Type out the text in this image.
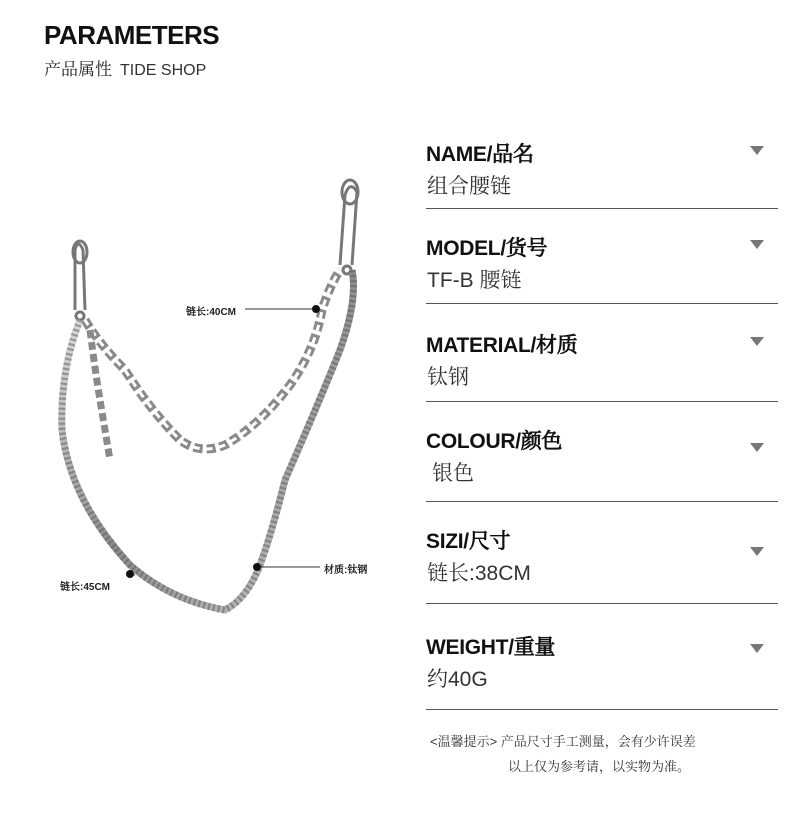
PARAMETERS
产品属性 TIDE SHOP
链长:40CM
链长:45CM
材质:钛钢
NAME/品名
组合腰链
MODEL/货号
TF-B 腰链
MATERIAL/材质
钛钢
COLOUR/颜色
银色
SIZI/尺寸
链长:38CM
WEIGHT/重量
约40G
<温馨提示> 产品尺寸手工测量，会有少许误差
以上仅为参考请，以实物为准。
